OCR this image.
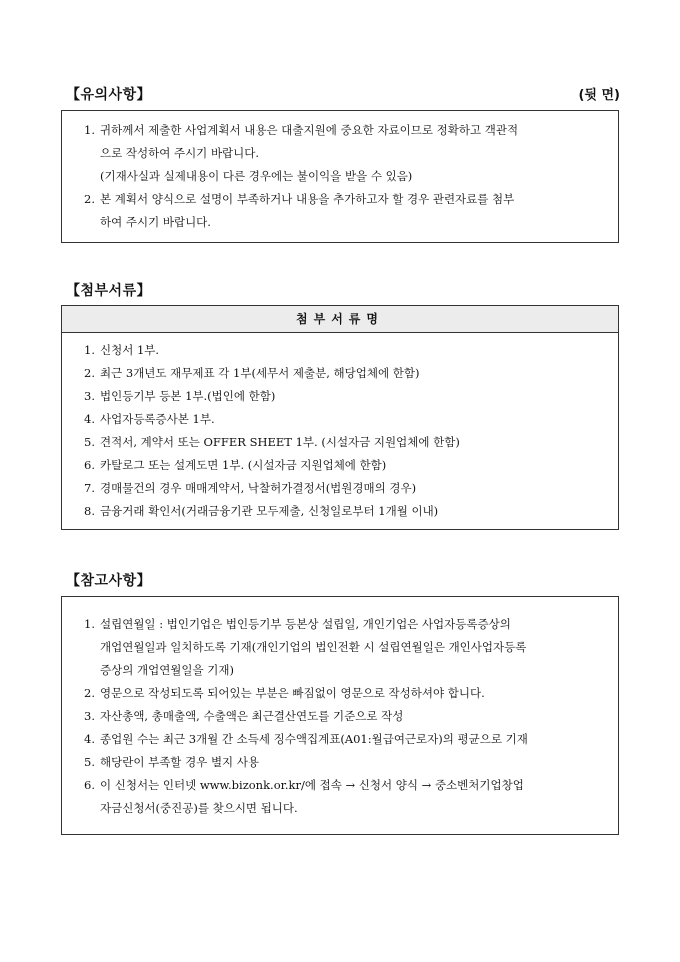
【유의사항】	(뒷 면)
1. 귀하께서 제출한 사업계획서 내용은 대출지원에 중요한 자료이므로 정확하고 객관적
으로 작성하여 주시기 바랍니다.
(기재사실과 실제내용이 다른 경우에는 불이익을 받을 수 있음)
2. 본 계획서 양식으로 설명이 부족하거나 내용을 추가하고자 할 경우 관련자료를 첨부
하여 주시기 바랍니다.
【첨부서류】
첨부서류명
1. 신청서 1부.
2. 최근 3개년도 재무제표 각 1부(세무서 제출분, 해당업체에 한함)
3. 법인등기부 등본 1부.(법인에 한함)
4. 사업자등록증사본 1부.
5. 견적서, 계약서 또는 OFFER SHEET 1부. (시설자금 지원업체에 한함)
6. 카탈로그 또는 설계도면 1부. (시설자금 지원업체에 한함)
7. 경매물건의 경우 매매계약서, 낙찰허가결정서(법원경매의 경우)
8. 금융거래 확인서(거래금융기관 모두제출, 신청일로부터 1개월 이내)
【참고사항】
1. 설립연월일 : 법인기업은 법인등기부 등본상 설립일, 개인기업은 사업자등록증상의
개업연월일과 일치하도록 기재(개인기업의 법인전환 시 설립연월일은 개인사업자등록
증상의 개업연월일을 기재)
2. 영문으로 작성되도록 되어있는 부분은 빠짐없이 영문으로 작성하셔야 합니다.
3. 자산총액, 총매출액, 수출액은 최근결산연도를 기준으로 작성
4. 종업원 수는 최근 3개월 간 소득세 징수액집계표(A01:월급여근로자)의 평균으로 기재
5. 해당란이 부족할 경우 별지 사용
6. 이 신청서는 인터넷 www.bizonk.or.kr/에 접속 → 신청서 양식 → 중소벤처기업창업
자금신청서(중진공)를 찾으시면 됩니다.
